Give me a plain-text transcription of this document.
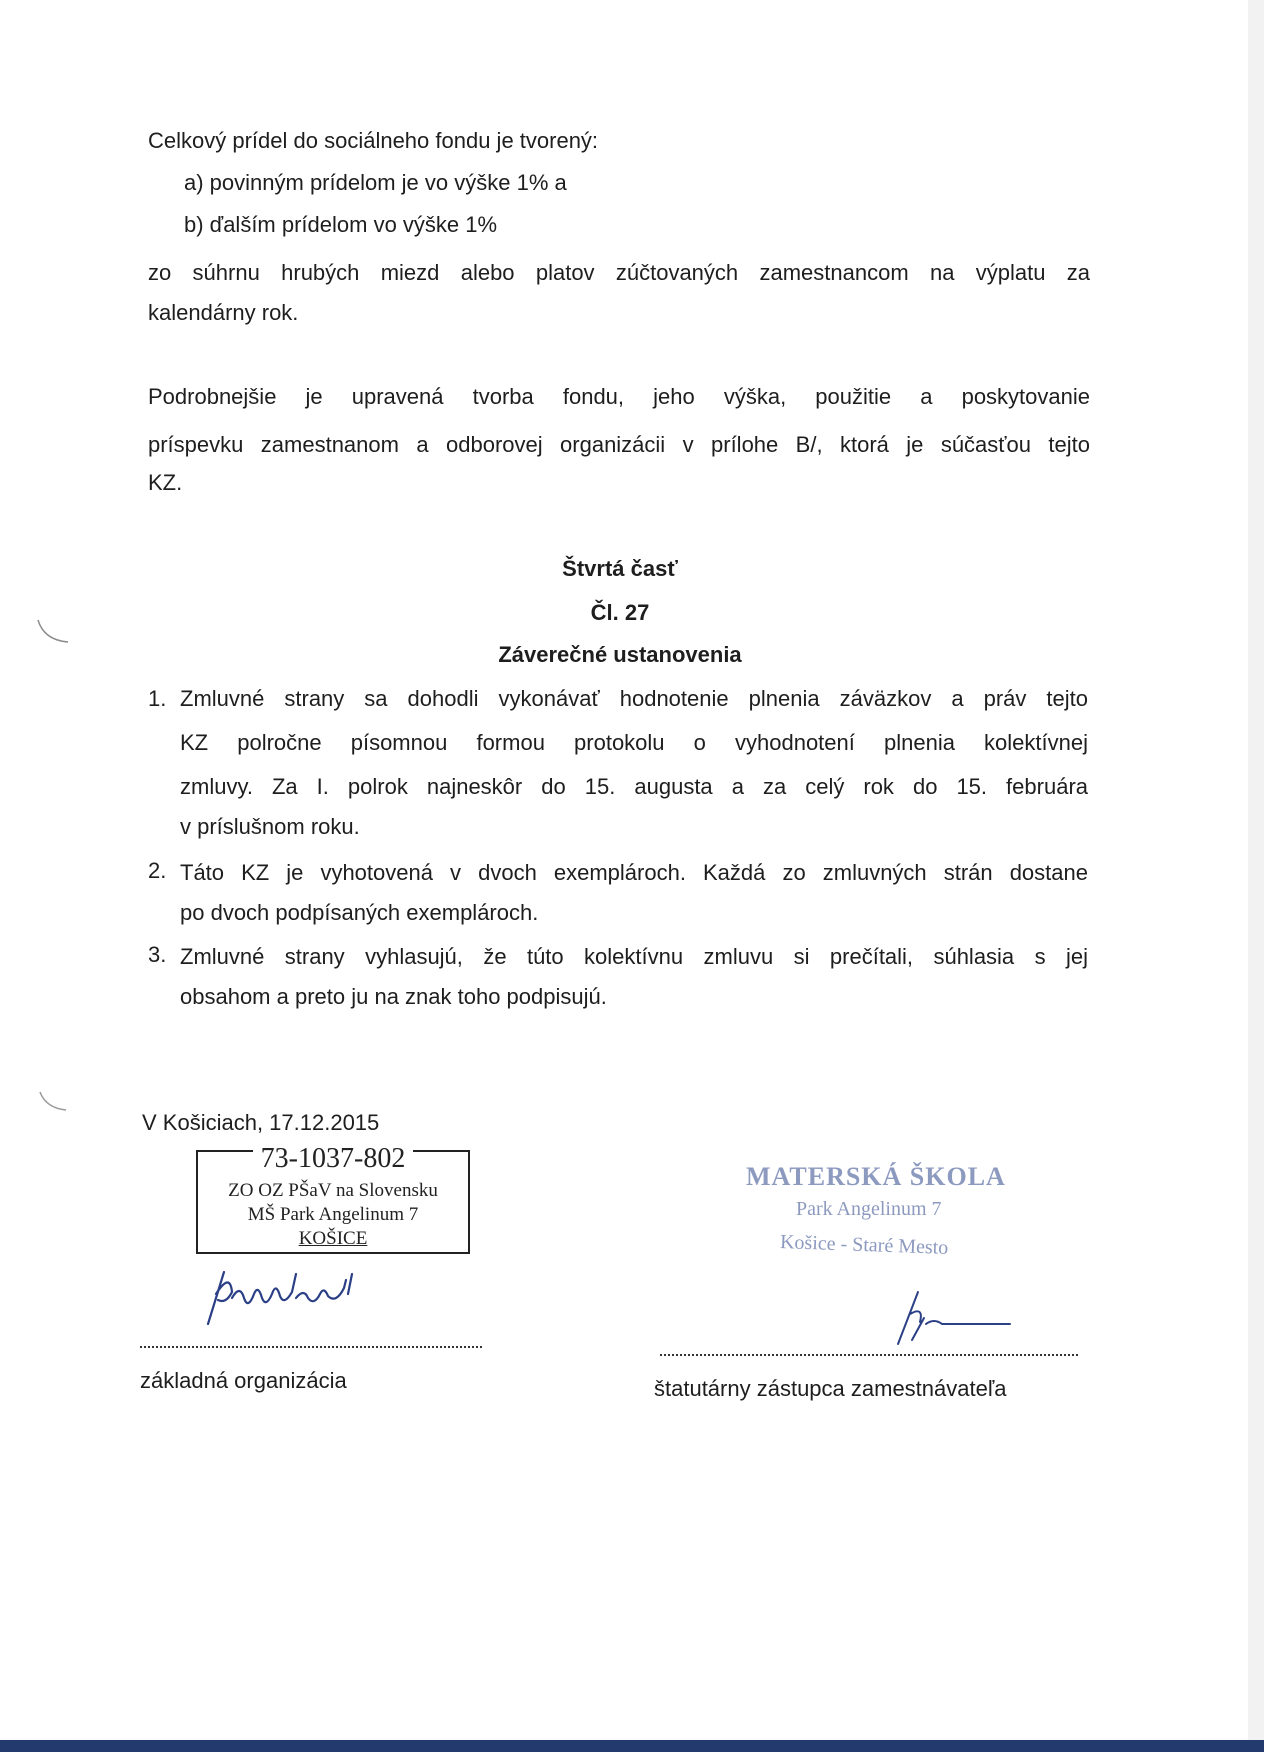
Celkový prídel do sociálneho fondu je tvorený:

a) povinným prídelom je vo výške 1% a

b) ďalším prídelom vo výške 1%

zo súhrnu hrubých miezd alebo platov zúčtovaných zamestnancom na výplatu za

kalendárny rok.

Podrobnejšie je upravená tvorba fondu, jeho výška, použitie a poskytovanie

príspevku zamestnanom a odborovej organizácii v prílohe B/, ktorá je súčasťou tejto

KZ.

Štvrtá časť

Čl. 27

Záverečné ustanovenia

1. Zmluvné strany sa dohodli vykonávať hodnotenie plnenia záväzkov a práv tejto

KZ polročne písomnou formou protokolu o vyhodnotení plnenia kolektívnej

zmluvy. Za I. polrok najneskôr do 15. augusta a za celý rok do 15. februára

v príslušnom roku.

2. Táto KZ je vyhotovená v dvoch exemplároch. Každá zo zmluvných strán dostane

po dvoch podpísaných exemplároch.

3. Zmluvné strany vyhlasujú, že túto kolektívnu zmluvu si prečítali, súhlasia s jej

obsahom a preto ju na znak toho podpisujú.

V Košiciach, 17.12.2015

73-1037-802
ZO OZ PŠaV na Slovensku
MŠ Park Angelinum 7
KOŠICE
MATERSKÁ ŠKOLA
Park Angelinum 7
Košice - Staré Mesto
základná organizácia	štatutárny zástupca zamestnávateľa
